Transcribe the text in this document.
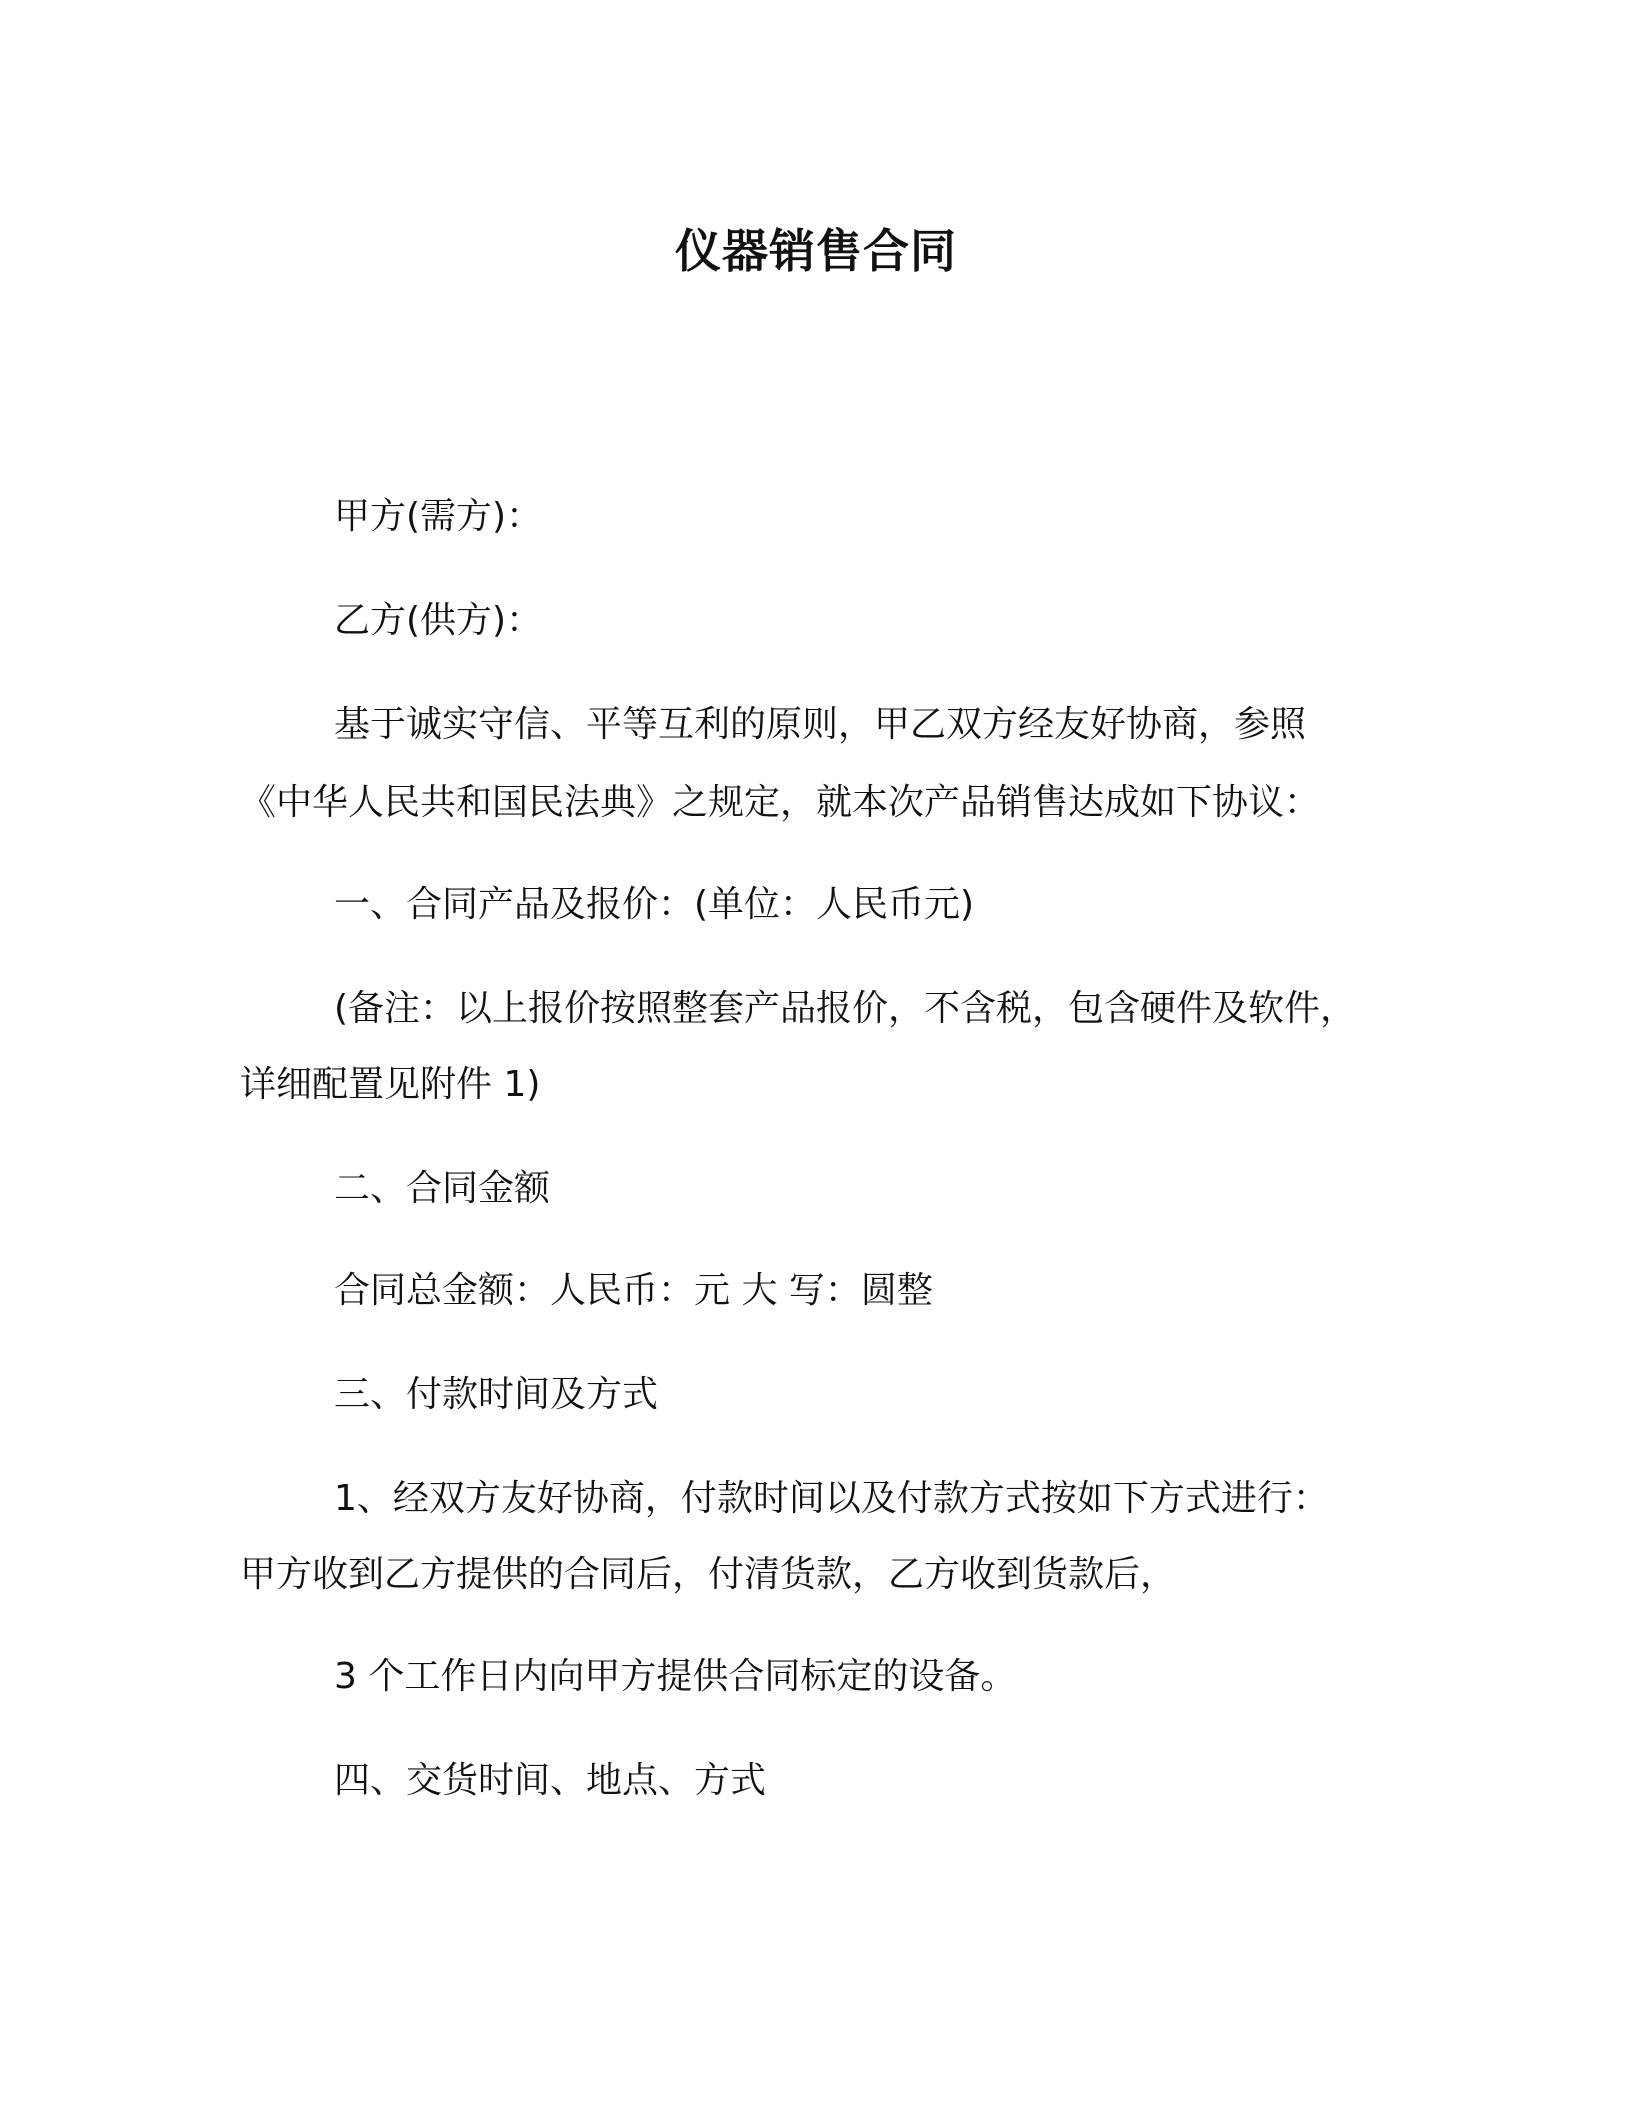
仪器销售合同
甲方(需方)：
乙方(供方)：
基于诚实守信、平等互利的原则，甲乙双方经友好协商，参照
《中华人民共和国民法典》之规定，就本次产品销售达成如下协议：
一、合同产品及报价：(单位：人民币元)
(备注：以上报价按照整套产品报价，不含税，包含硬件及软件，
详细配置见附件 1)
二、合同金额
合同总金额：人民币：元 大 写：圆整
三、付款时间及方式
1、经双方友好协商，付款时间以及付款方式按如下方式进行：
甲方收到乙方提供的合同后，付清货款，乙方收到货款后，
3 个工作日内向甲方提供合同标定的设备。
四、交货时间、地点、方式
